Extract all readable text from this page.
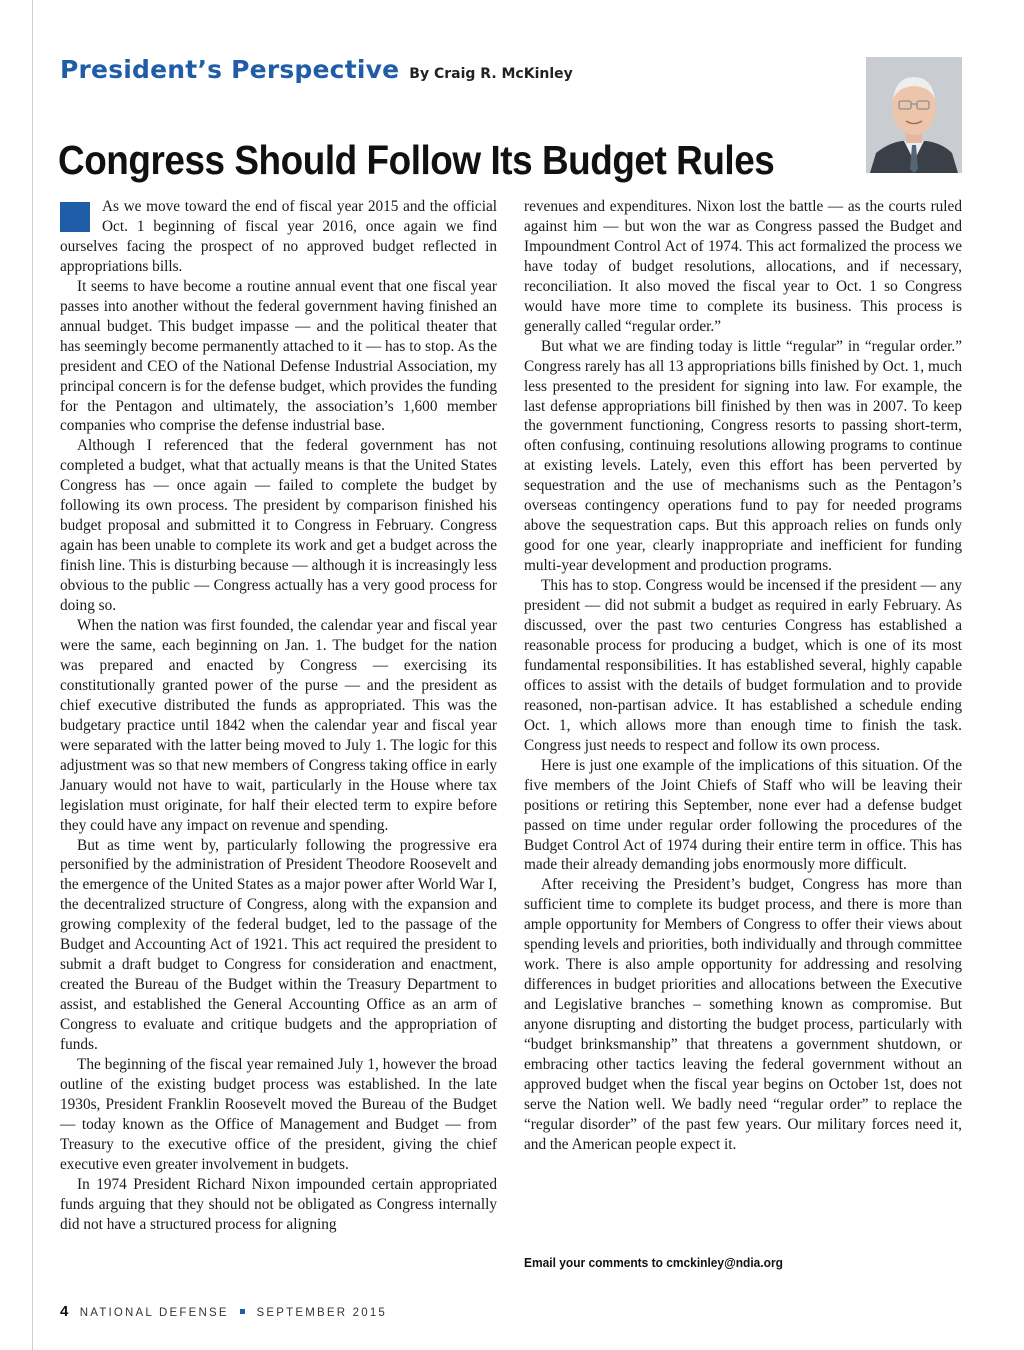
President’s Perspective By Craig R. McKinley
Congress Should Follow Its Budget Rules

As we move toward the end of fiscal year 2015 and the official Oct. 1 beginning of fiscal year 2016, once again we find ourselves facing the prospect of no approved budget reflected in appropriations bills.

It seems to have become a routine annual event that one fiscal year passes into another without the federal government having finished an annual budget. This budget impasse — and the political theater that has seemingly become permanently attached to it — has to stop. As the president and CEO of the National Defense Industrial Association, my principal concern is for the defense budget, which provides the funding for the Pentagon and ultimately, the association’s 1,600 member companies who comprise the defense industrial base.

Although I referenced that the federal government has not completed a budget, what that actually means is that the United States Congress has — once again — failed to complete the budget by following its own process. The president by comparison finished his budget proposal and submitted it to Congress in February. Congress again has been unable to complete its work and get a budget across the finish line. This is disturbing because — although it is increasingly less obvious to the public — Congress actually has a very good process for doing so.

When the nation was first founded, the calendar year and fiscal year were the same, each beginning on Jan. 1. The budget for the nation was prepared and enacted by Congress — exercising its constitutionally granted power of the purse — and the president as chief executive distributed the funds as appropriated. This was the budgetary practice until 1842 when the calendar year and fiscal year were separated with the latter being moved to July 1. The logic for this adjustment was so that new members of Congress taking office in early January would not have to wait, particularly in the House where tax legislation must originate, for half their elected term to expire before they could have any impact on revenue and spending.

But as time went by, particularly following the progressive era personified by the administration of President Theodore Roosevelt and the emergence of the United States as a major power after World War I, the decentralized structure of Congress, along with the expansion and growing complexity of the federal budget, led to the passage of the Budget and Accounting Act of 1921. This act required the president to submit a draft budget to Congress for consideration and enactment, created the Bureau of the Budget within the Treasury Department to assist, and established the General Accounting Office as an arm of Congress to evaluate and critique budgets and the appropriation of funds.

The beginning of the fiscal year remained July 1, however the broad outline of the existing budget process was established. In the late 1930s, President Franklin Roosevelt moved the Bureau of the Budget — today known as the Office of Management and Budget — from Treasury to the executive office of the president, giving the chief executive even greater involvement in budgets.

In 1974 President Richard Nixon impounded certain appropriated funds arguing that they should not be obligated as Congress internally did not have a structured process for aligning

revenues and expenditures. Nixon lost the battle — as the courts ruled against him — but won the war as Congress passed the Budget and Impoundment Control Act of 1974. This act formalized the process we have today of budget resolutions, allocations, and if necessary, reconciliation. It also moved the fiscal year to Oct. 1 so Congress would have more time to complete its business. This process is generally called “regular order.”

But what we are finding today is little “regular” in “regular order.” Congress rarely has all 13 appropriations bills finished by Oct. 1, much less presented to the president for signing into law. For example, the last defense appropriations bill finished by then was in 2007. To keep the government functioning, Congress resorts to passing short-term, often confusing, continuing resolutions allowing programs to continue at existing levels. Lately, even this effort has been perverted by sequestration and the use of mechanisms such as the Pentagon’s overseas contingency operations fund to pay for needed programs above the sequestration caps. But this approach relies on funds only good for one year, clearly inappropriate and inefficient for funding multi-year development and production programs.

This has to stop. Congress would be incensed if the president — any president — did not submit a budget as required in early February. As discussed, over the past two centuries Congress has established a reasonable process for producing a budget, which is one of its most fundamental responsibilities. It has established several, highly capable offices to assist with the details of budget formulation and to provide reasoned, non-partisan advice. It has established a schedule ending Oct. 1, which allows more than enough time to finish the task. Congress just needs to respect and follow its own process.

Here is just one example of the implications of this situation. Of the five members of the Joint Chiefs of Staff who will be leaving their positions or retiring this September, none ever had a defense budget passed on time under regular order following the procedures of the Budget Control Act of 1974 during their entire term in office. This has made their already demanding jobs enormously more difficult.

After receiving the President’s budget, Congress has more than sufficient time to complete its budget process, and there is more than ample opportunity for Members of Congress to offer their views about spending levels and priorities, both individually and through committee work. There is also ample opportunity for addressing and resolving differences in budget priorities and allocations between the Executive and Legislative branches – something known as compromise. But anyone disrupting and distorting the budget process, particularly with “budget brinksmanship” that threatens a government shutdown, or embracing other tactics leaving the federal government without an approved budget when the fiscal year begins on October 1st, does not serve the Nation well. We badly need “regular order” to replace the “regular disorder” of the past few years. Our military forces need it, and the American people expect it.

Email your comments to cmckinley@ndia.org
4 NATIONAL DEFENSE SEPTEMBER 2015
